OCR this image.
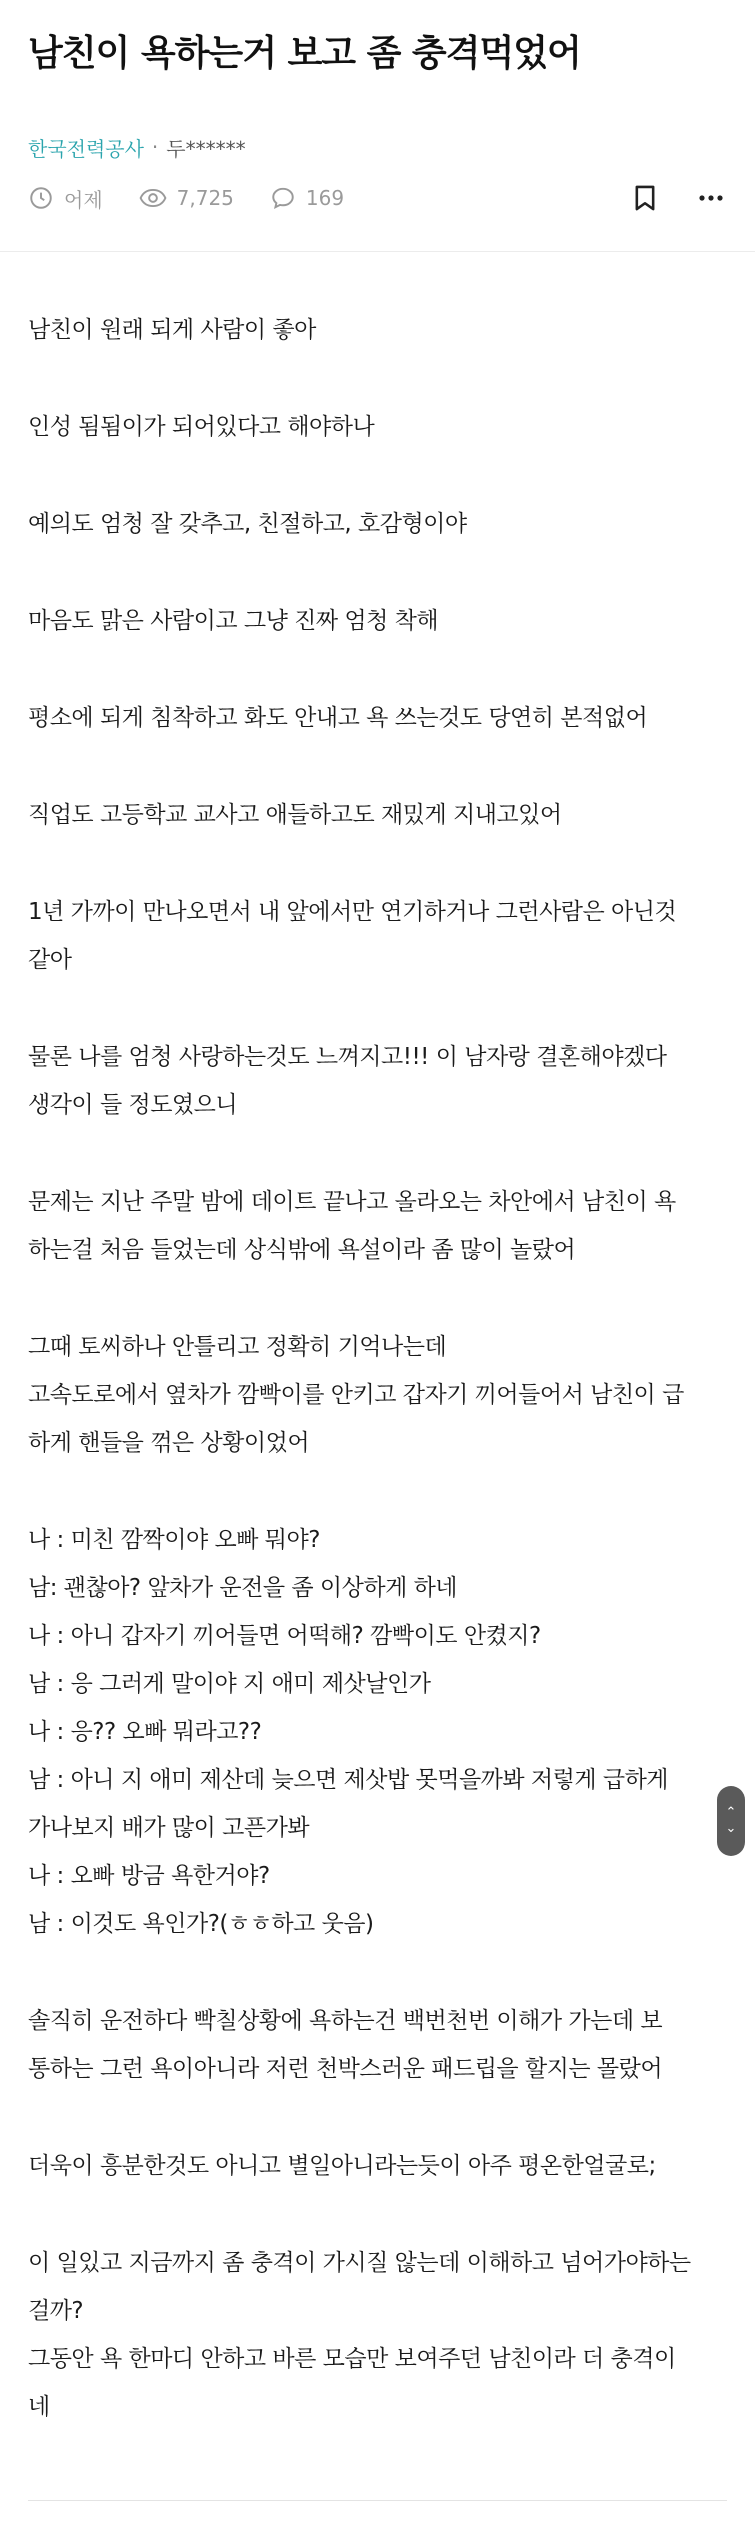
남친이 욕하는거 보고 좀 충격먹었어
한국전력공사 · 두******
어제	7,725	169

남친이 원래 되게 사람이 좋아

인성 됨됨이가 되어있다고 해야하나

예의도 엄청 잘 갖추고, 친절하고, 호감형이야

마음도 맑은 사람이고 그냥 진짜 엄청 착해

평소에 되게 침착하고 화도 안내고 욕 쓰는것도 당연히 본적없어

직업도 고등학교 교사고 애들하고도 재밌게 지내고있어

1년 가까이 만나오면서 내 앞에서만 연기하거나 그런사람은 아닌것
같아

물론 나를 엄청 사랑하는것도 느껴지고!!! 이 남자랑 결혼해야겠다
생각이 들 정도였으니

문제는 지난 주말 밤에 데이트 끝나고 올라오는 차안에서 남친이 욕
하는걸 처음 들었는데 상식밖에 욕설이라 좀 많이 놀랐어

그때 토씨하나 안틀리고 정확히 기억나는데
고속도로에서 옆차가 깜빡이를 안키고 갑자기 끼어들어서 남친이 급
하게 핸들을 꺾은 상황이었어

나 : 미친 깜짝이야 오빠 뭐야?
남: 괜찮아? 앞차가 운전을 좀 이상하게 하네
나 : 아니 갑자기 끼어들면 어떡해? 깜빡이도 안켰지?
남 : 응 그러게 말이야 지 애미 제삿날인가
나 : 응?? 오빠 뭐라고??
남 : 아니 지 애미 제산데 늦으면 제삿밥 못먹을까봐 저렇게 급하게
가나보지 배가 많이 고픈가봐
나 : 오빠 방금 욕한거야?
남 : 이것도 욕인가?(ㅎㅎ하고 웃음)

솔직히 운전하다 빡칠상황에 욕하는건 백번천번 이해가 가는데 보
통하는 그런 욕이아니라 저런 천박스러운 패드립을 할지는 몰랐어

더욱이 흥분한것도 아니고 별일아니라는듯이 아주 평온한얼굴로;

이 일있고 지금까지 좀 충격이 가시질 않는데 이해하고 넘어가야하는
걸까?
그동안 욕 한마디 안하고 바른 모습만 보여주던 남친이라 더 충격이
네

⌃
⌄
